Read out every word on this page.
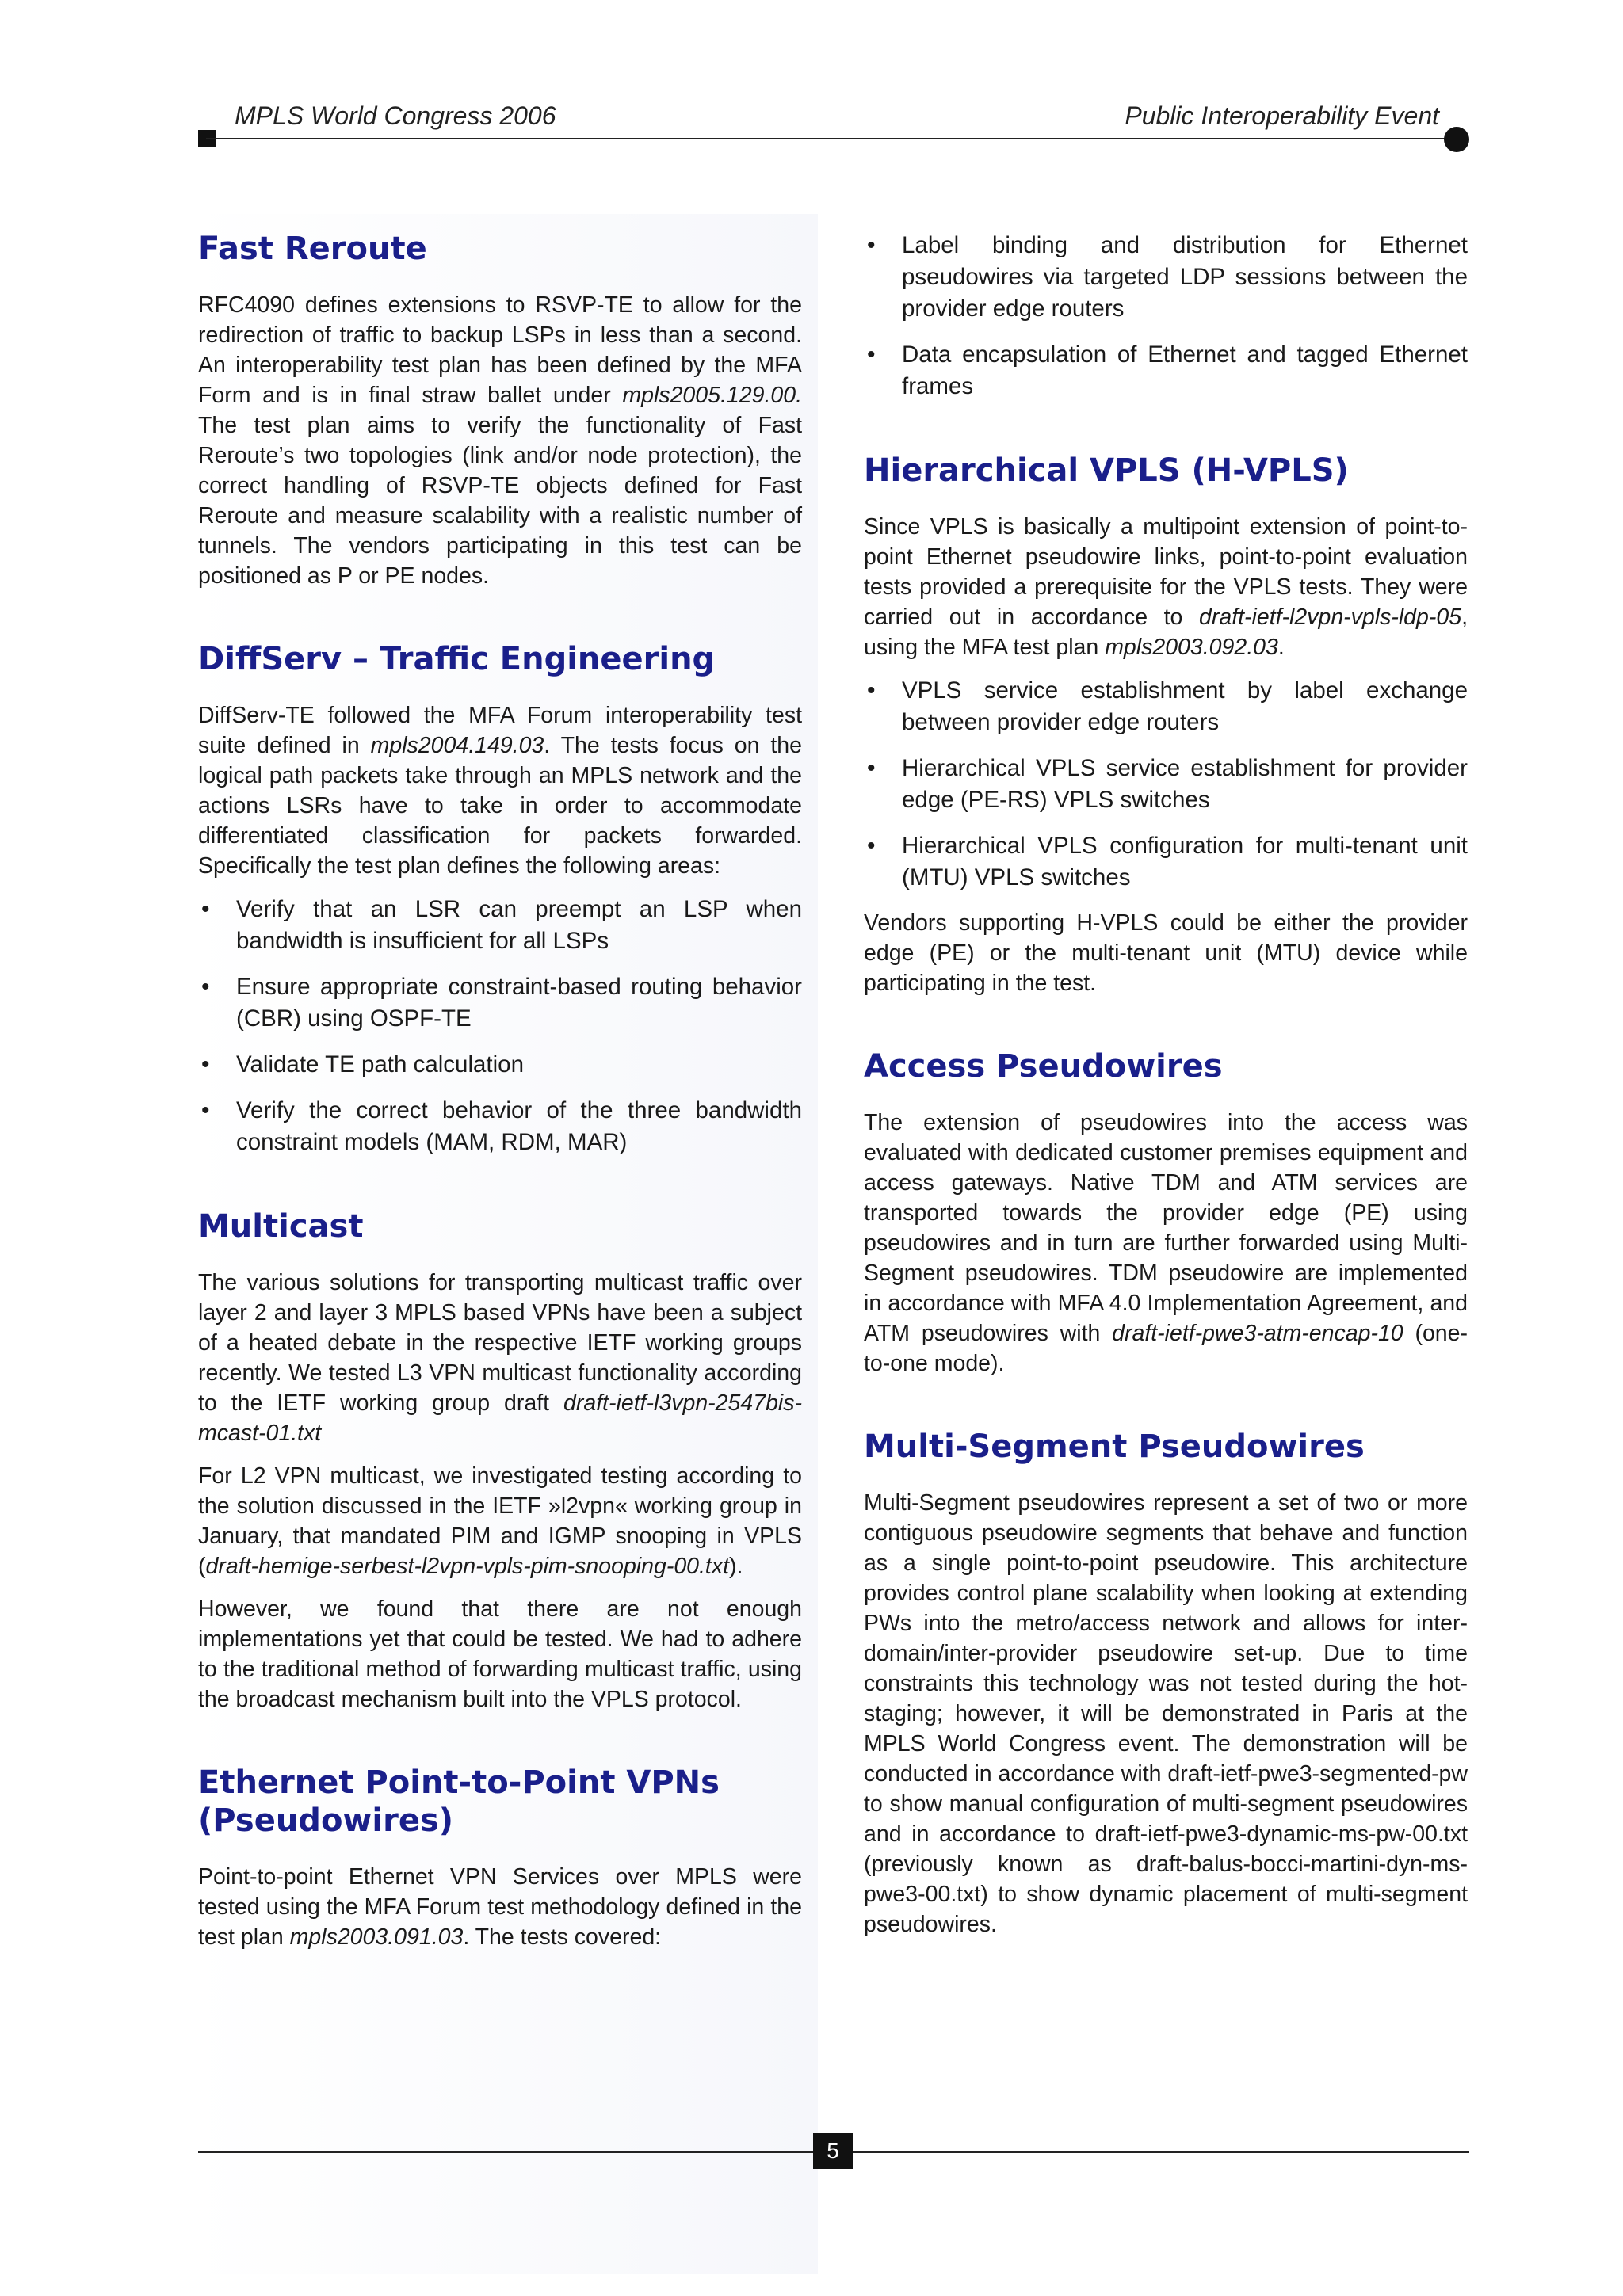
MPLS World Congress 2006	Public Interoperability Event
Fast Reroute

RFC4090 defines extensions to RSVP-TE to allow for the redirection of traffic to backup LSPs in less than a second. An interoperability test plan has been defined by the MFA Form and is in final straw ballet under mpls2005.129.00. The test plan aims to verify the functionality of Fast Reroute’s two topologies (link and/or node protection), the correct handling of RSVP-TE objects defined for Fast Reroute and measure scalability with a realistic number of tunnels. The vendors participating in this test can be positioned as P or PE nodes.

DiffServ – Traffic Engineering

DiffServ-TE followed the MFA Forum interoperability test suite defined in mpls2004.149.03. The tests focus on the logical path packets take through an MPLS network and the actions LSRs have to take in order to accommodate differentiated classification for packets forwarded. Specifically the test plan defines the following areas:

• Verify that an LSR can preempt an LSP when bandwidth is insufficient for all LSPs
• Ensure appropriate constraint-based routing behavior (CBR) using OSPF-TE
• Validate TE path calculation
• Verify the correct behavior of the three bandwidth constraint models (MAM, RDM, MAR)
Multicast

The various solutions for transporting multicast traffic over layer 2 and layer 3 MPLS based VPNs have been a subject of a heated debate in the respective IETF working groups recently. We tested L3 VPN multicast functionality according to the IETF working group draft draft-ietf-l3vpn-2547bis-mcast-01.txt

For L2 VPN multicast, we investigated testing according to the solution discussed in the IETF »l2vpn« working group in January, that mandated PIM and IGMP snooping in VPLS (draft-hemige-serbest-l2vpn-vpls-pim-snooping-00.txt).

However, we found that there are not enough implementations yet that could be tested. We had to adhere to the traditional method of forwarding multicast traffic, using the broadcast mechanism built into the VPLS protocol.

Ethernet Point-to-Point VPNs (Pseudowires)

Point-to-point Ethernet VPN Services over MPLS were tested using the MFA Forum test methodology defined in the test plan mpls2003.091.03. The tests covered:

• Label binding and distribution for Ethernet pseudowires via targeted LDP sessions between the provider edge routers
• Data encapsulation of Ethernet and tagged Ethernet frames
Hierarchical VPLS (H-VPLS)

Since VPLS is basically a multipoint extension of point-to-point Ethernet pseudowire links, point-to-point evaluation tests provided a prerequisite for the VPLS tests. They were carried out in accordance to draft-ietf-l2vpn-vpls-ldp-05, using the MFA test plan mpls2003.092.03.

• VPLS service establishment by label exchange between provider edge routers
• Hierarchical VPLS service establishment for provider edge (PE-RS) VPLS switches
• Hierarchical VPLS configuration for multi-tenant unit (MTU) VPLS switches

Vendors supporting H-VPLS could be either the provider edge (PE) or the multi-tenant unit (MTU) device while participating in the test.

Access Pseudowires

The extension of pseudowires into the access was evaluated with dedicated customer premises equipment and access gateways. Native TDM and ATM services are transported towards the provider edge (PE) using pseudowires and in turn are further forwarded using Multi-Segment pseudowires. TDM pseudowire are implemented in accordance with MFA 4.0 Implementation Agreement, and ATM pseudowires with draft-ietf-pwe3-atm-encap-10 (one-to-one mode).

Multi-Segment Pseudowires

Multi-Segment pseudowires represent a set of two or more contiguous pseudowire segments that behave and function as a single point-to-point pseudowire. This architecture provides control plane scalability when looking at extending PWs into the metro/access network and allows for inter-domain/inter-provider pseudowire set-up. Due to time constraints this technology was not tested during the hot-staging; however, it will be demonstrated in Paris at the MPLS World Congress event. The demonstration will be conducted in accordance with draft-ietf-pwe3-segmented-pw to show manual configuration of multi-segment pseudowires and in accordance to draft-ietf-pwe3-dynamic-ms-pw-00.txt (previously known as draft-balus-bocci-martini-dyn-ms-pwe3-00.txt) to show dynamic placement of multi-segment pseudowires.

5
